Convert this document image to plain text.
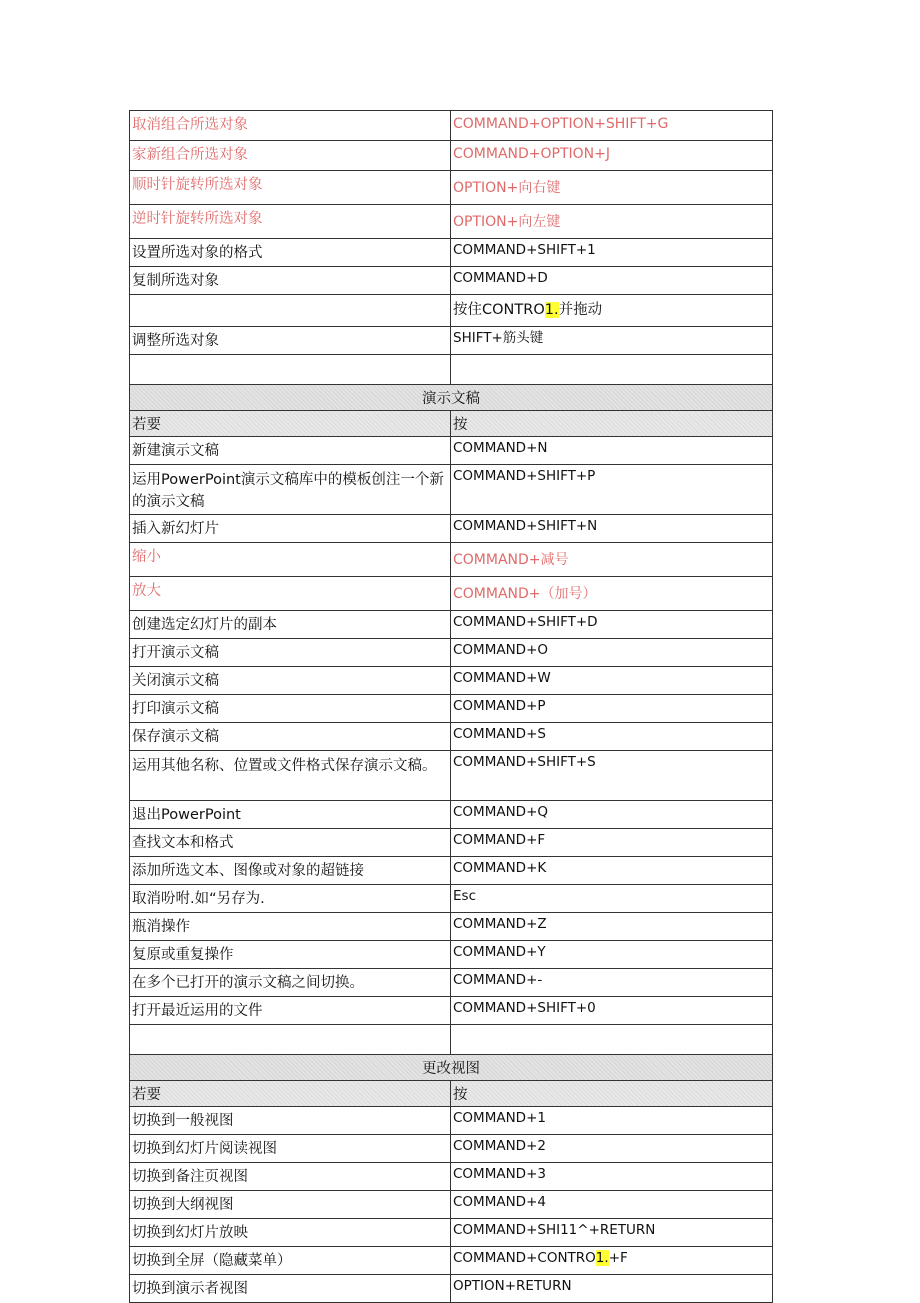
取消组合所选对象	COMMAND+OPTION+SHIFT+G
家新组合所选对象	COMMAND+OPTION+J
顺时针旋转所选对象	OPTION+向右键
逆时针旋转所选对象	OPTION+向左键
设置所选对象的格式	COMMAND+SHIFT+1
复制所选对象	COMMAND+D
	按住CONTRO1.并拖动
调整所选对象	SHIFT+筋头键

演示文稿	
若要	按
新建演示文稿	COMMAND+N
运用PowerPoint演示文稿库中的模板创注一个新的演示文稿	COMMAND+SHIFT+P
插入新幻灯片	COMMAND+SHIFT+N
缩小	COMMAND+减号
放大	COMMAND+（加号）
创建选定幻灯片的副本	COMMAND+SHIFT+D
打开演示文稿	COMMAND+O
关闭演示文稿	COMMAND+W
打印演示文稿	COMMAND+P
保存演示文稿	COMMAND+S
运用其他名称、位置或文件格式保存演示文稿。	COMMAND+SHIFT+S
退出PowerPoint	COMMAND+Q
查找文本和格式	COMMAND+F
添加所选文本、图像或对象的超链接	COMMAND+K
取消吩咐.如“另存为.	Esc
瓶消操作	COMMAND+Z
复原或重复操作	COMMAND+Y
在多个已打开的演示文稿之间切换。	COMMAND+-
打开最近运用的文件	COMMAND+SHIFT+0

更改视图	
若要	按
切换到一般视图	COMMAND+1
切换到幻灯片阅读视图	COMMAND+2
切换到备注页视图	COMMAND+3
切换到大纲视图	COMMAND+4
切换到幻灯片放映	COMMAND+SHI11^+RETURN
切换到全屏（隐藏菜单）	COMMAND+CONTRO1.+F
切换到演示者视图	OPTION+RETURN
